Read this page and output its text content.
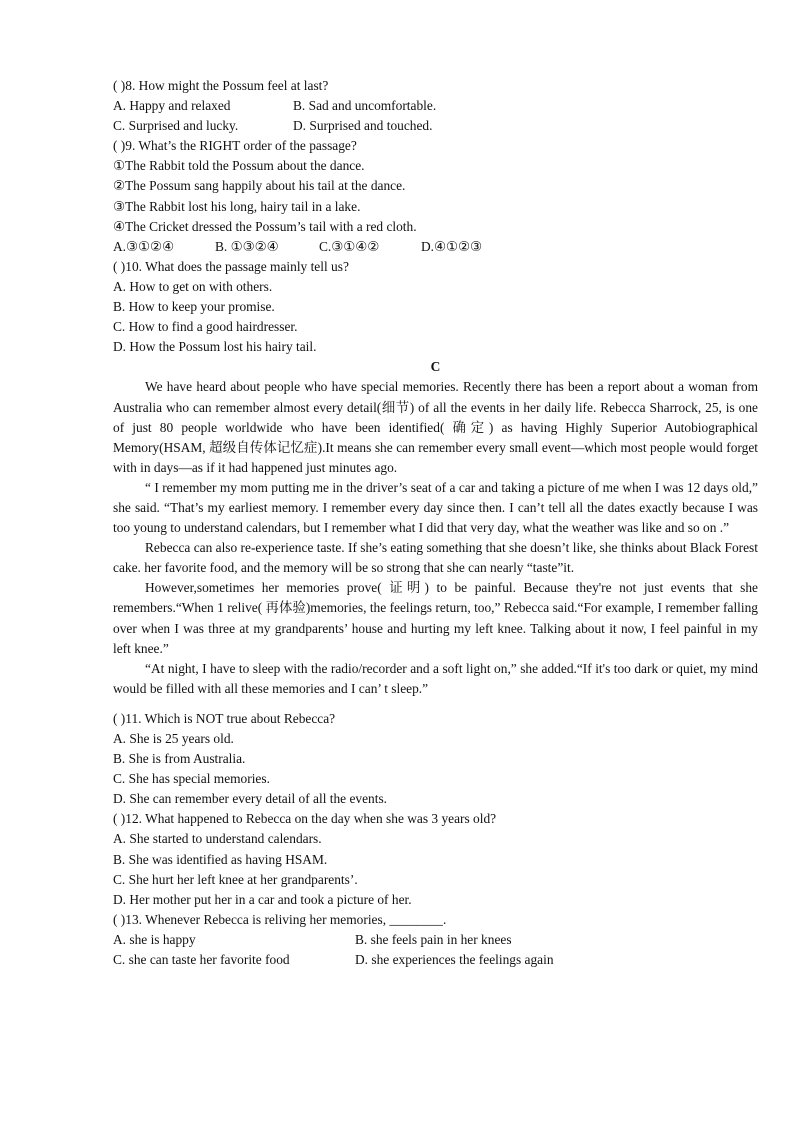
( )8. How might the Possum feel at last?
A. Happy and relaxed	B. Sad and uncomfortable.
C. Surprised and lucky.	D. Surprised and touched.
( )9. What’s the RIGHT order of the passage?
①The Rabbit told the Possum about the dance.
②The Possum sang happily about his tail at the dance.
③The Rabbit lost his long, hairy tail in a lake.
④The Cricket dressed the Possum’s tail with a red cloth.
A.③①②④	B. ①③②④	C.③①④②	D.④①②③
( )10. What does the passage mainly tell us?
A. How to get on with others.
B. How to keep your promise.
C. How to find a good hairdresser.
D. How the Possum lost his hairy tail.
C

We have heard about people who have special memories. Recently there has been a report about a woman from Australia who can remember almost every detail(细节) of all the events in her daily life. Rebecca Sharrock, 25, is one of just 80 people worldwide who have been identified( 确定) as having Highly Superior Autobiographical Memory(HSAM, 超级自传体记忆症).It means she can remember every small event—which most people would forget with in days—as if it had happened just minutes ago.

“ I remember my mom putting me in the driver’s seat of a car and taking a picture of me when I was 12 days old,” she said. “That’s my earliest memory. I remember every day since then. I can’t tell all the dates exactly because I was too young to understand calendars, but I remember what I did that very day, what the weather was like and so on .”

Rebecca can also re-experience taste. If she’s eating something that she doesn’t like, she thinks about Black Forest cake. her favorite food, and the memory will be so strong that she can nearly “taste”it.

However,sometimes her memories prove( 证明) to be painful. Because they're not just events that she remembers.“When 1 relive( 再体验)memories, the feelings return, too,” Rebecca said.“For example, I remember falling over when I was three at my grandparents’ house and hurting my left knee. Talking about it now, I feel painful in my left knee.”

“At night, I have to sleep with the radio/recorder and a soft light on,” she added.“If it's too dark or quiet, my mind would be filled with all these memories and I can’ t sleep.”

( )11. Which is NOT true about Rebecca?
A. She is 25 years old.
B. She is from Australia.
C. She has special memories.
D. She can remember every detail of all the events.
( )12. What happened to Rebecca on the day when she was 3 years old?
A. She started to understand calendars.
B. She was identified as having HSAM.
C. She hurt her left knee at her grandparents’.
D. Her mother put her in a car and took a picture of her.
( )13. Whenever Rebecca is reliving her memories, ________.
A. she is happy	B. she feels pain in her knees
C. she can taste her favorite food	D. she experiences the feelings again
